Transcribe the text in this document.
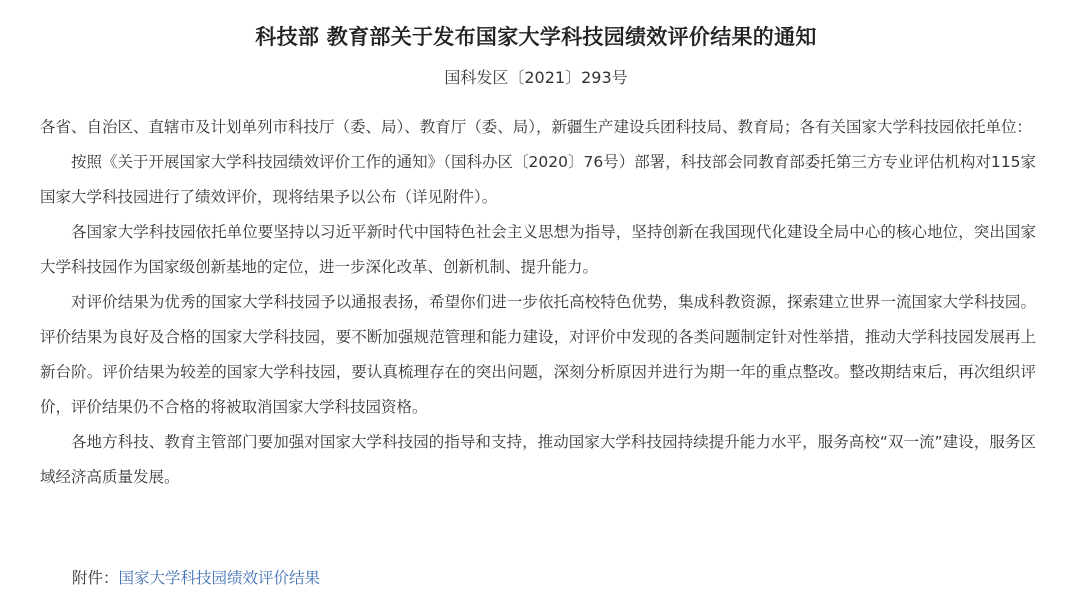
科技部 教育部关于发布国家大学科技园绩效评价结果的通知
国科发区〔2021〕293号

各省、自治区、直辖市及计划单列市科技厅（委、局）、教育厅（委、局），新疆生产建设兵团科技局、教育局；各有关国家大学科技园依托单位：

按照《关于开展国家大学科技园绩效评价工作的通知》（国科办区〔2020〕76号）部署，科技部会同教育部委托第三方专业评估机构对115家国家大学科技园进行了绩效评价，现将结果予以公布（详见附件）。

各国家大学科技园依托单位要坚持以习近平新时代中国特色社会主义思想为指导，坚持创新在我国现代化建设全局中心的核心地位，突出国家大学科技园作为国家级创新基地的定位，进一步深化改革、创新机制、提升能力。

对评价结果为优秀的国家大学科技园予以通报表扬，希望你们进一步依托高校特色优势，集成科教资源，探索建立世界一流国家大学科技园。评价结果为良好及合格的国家大学科技园，要不断加强规范管理和能力建设，对评价中发现的各类问题制定针对性举措，推动大学科技园发展再上新台阶。评价结果为较差的国家大学科技园，要认真梳理存在的突出问题，深刻分析原因并进行为期一年的重点整改。整改期结束后，再次组织评价，评价结果仍不合格的将被取消国家大学科技园资格。

各地方科技、教育主管部门要加强对国家大学科技园的指导和支持，推动国家大学科技园持续提升能力水平，服务高校“双一流”建设，服务区域经济高质量发展。

附件：国家大学科技园绩效评价结果
